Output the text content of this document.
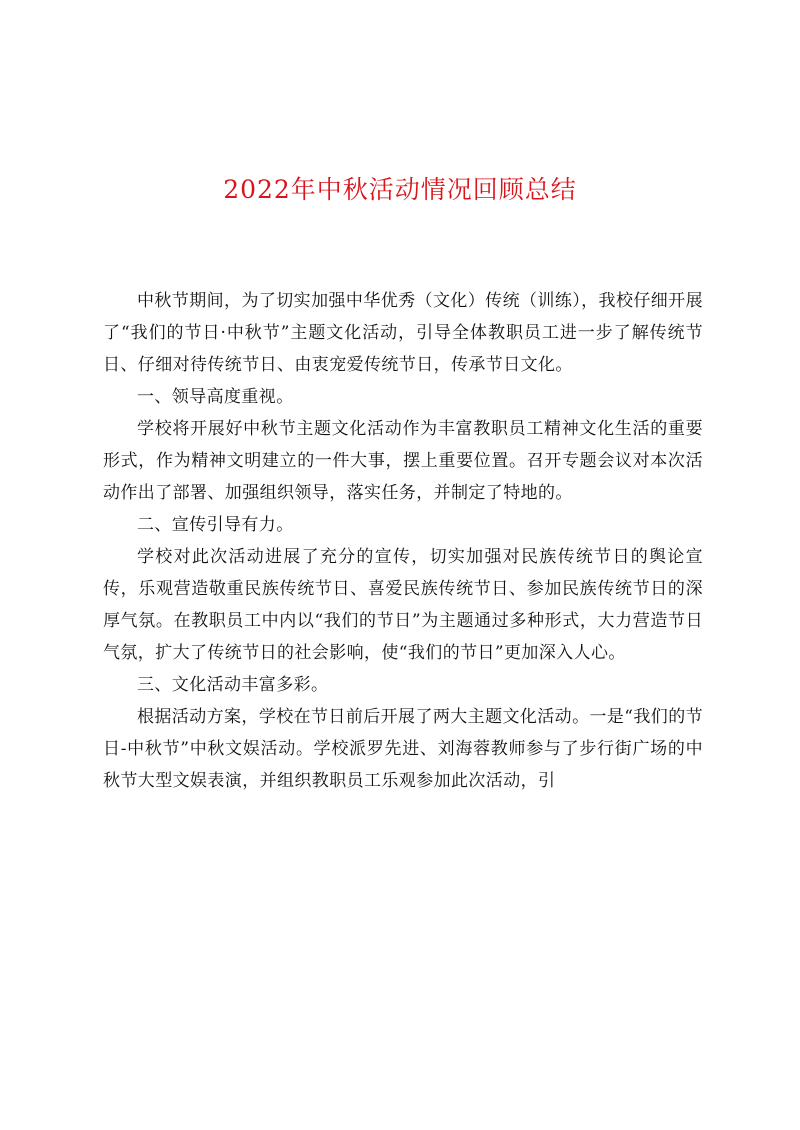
2022年中秋活动情况回顾总结

中秋节期间，为了切实加强中华优秀（文化）传统（训练），我校仔细开展了“我们的节日·中秋节”主题文化活动，引导全体教职员工进一步了解传统节日、仔细对待传统节日、由衷宠爱传统节日，传承节日文化。

一、领导高度重视。

学校将开展好中秋节主题文化活动作为丰富教职员工精神文化生活的重要形式，作为精神文明建立的一件大事，摆上重要位置。召开专题会议对本次活动作出了部署、加强组织领导，落实任务，并制定了特地的。

二、宣传引导有力。

学校对此次活动进展了充分的宣传，切实加强对民族传统节日的舆论宣传，乐观营造敬重民族传统节日、喜爱民族传统节日、参加民族传统节日的深厚气氛。在教职员工中内以“我们的节日”为主题通过多种形式，大力营造节日气氛，扩大了传统节日的社会影响，使“我们的节日”更加深入人心。

三、文化活动丰富多彩。

根据活动方案，学校在节日前后开展了两大主题文化活动。一是“我们的节日-中秋节”中秋文娱活动。学校派罗先进、刘海蓉教师参与了步行街广场的中秋节大型文娱表演，并组织教职员工乐观参加此次活动，引
